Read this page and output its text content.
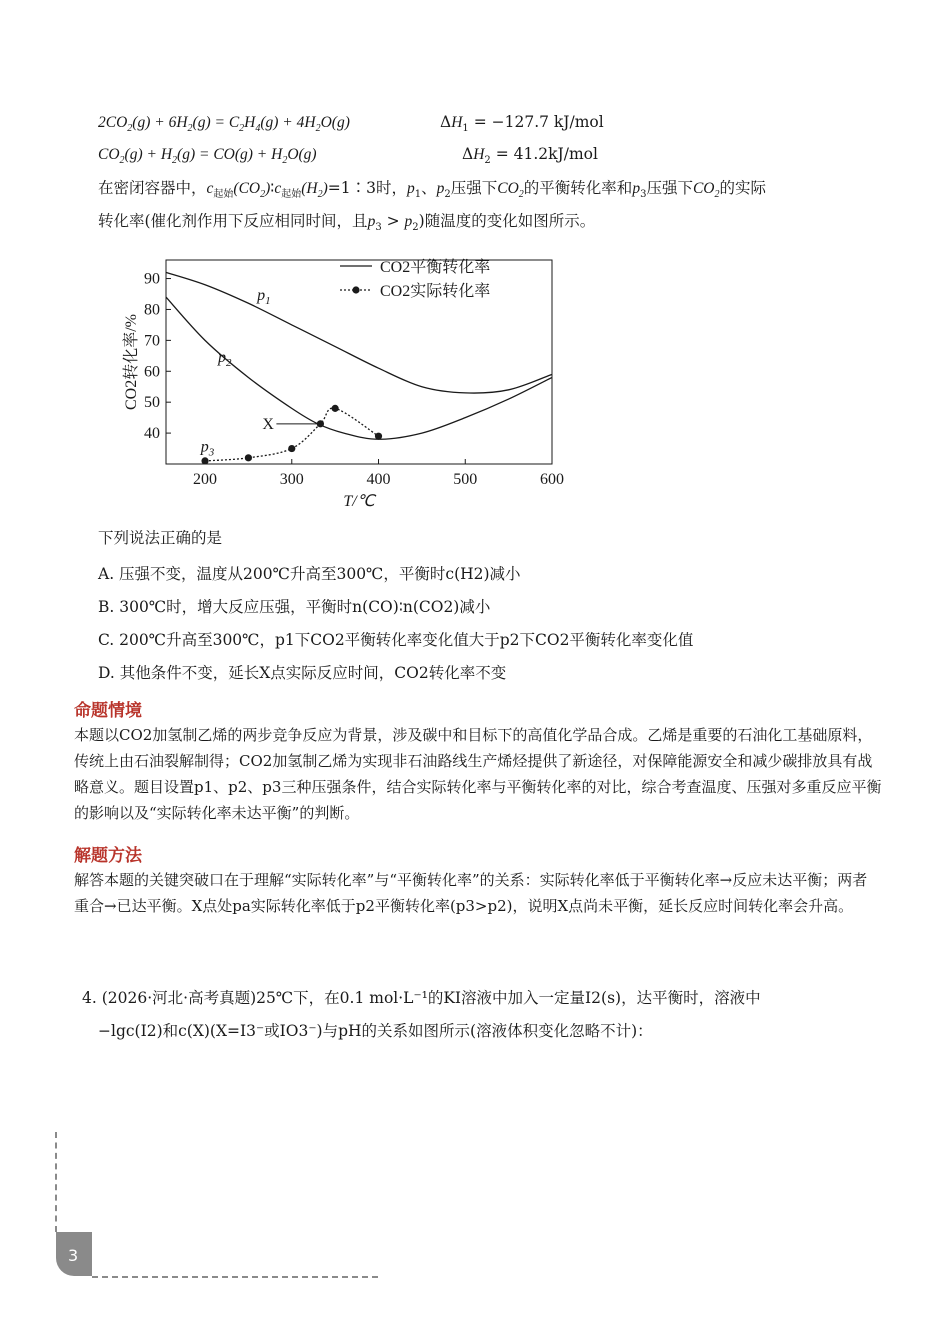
$2CO_2(g) + 6H_2(g) = C_2H_4(g) + 4H_2O(g)$	$\Delta H_1 = -127.7$ kJ/mol
$CO_2(g) + H_2(g) = CO(g) + H_2O(g)$	$\Delta H_2 = 41.2kJ/mol$
在密闭容器中，$c_{起始}(CO_2)∶c_{起始}(H_2)=1∶3$时，$p_1$、$p_2$压强下$CO_2$的平衡转化率和$p_3$压强下$CO_2$的实际
转化率(催化剂作用下反应相同时间，且$p_3 > p_2$)随温度的变化如图所示。
200	300	400	500	600
40
50
60
70
80
90
T/℃
CO2转化率/%
$p_1$
$p_2$
$p_3$
X
CO2平衡转化率
CO2实际转化率
下列说法正确的是
A. 压强不变，温度从200℃升高至300℃，平衡时c(H2)减小
B. 300℃时，增大反应压强，平衡时n(CO)∶n(CO2)减小
C. 200℃升高至300℃，p1下CO2平衡转化率变化值大于p2下CO2平衡转化率变化值
D. 其他条件不变，延长X点实际反应时间，CO2转化率不变
命题情境
本题以CO2加氢制乙烯的两步竞争反应为背景，涉及碳中和目标下的高值化学品合成。乙烯是重要的石油化工基础原料，传统上由石油裂解制得；CO2加氢制乙烯为实现非石油路线生产烯烃提供了新途径，对保障能源安全和减少碳排放具有战略意义。题目设置p1、p2、p3三种压强条件，结合实际转化率与平衡转化率的对比，综合考查温度、压强对多重反应平衡的影响以及“实际转化率未达平衡”的判断。
解题方法
解答本题的关键突破口在于理解“实际转化率”与“平衡转化率”的关系：实际转化率低于平衡转化率→反应未达平衡；两者重合→已达平衡。X点处pa实际转化率低于p2平衡转化率(p3>p2)，说明X点尚未平衡，延长反应时间转化率会升高。
4. (2026·河北·高考真题)25℃下，在0.1 mol·L⁻¹的KI溶液中加入一定量I2(s)，达平衡时，溶液中
−lgc(I2)和c(X)(X=I3⁻或IO3⁻)与pH的关系如图所示(溶液体积变化忽略不计)：
3
